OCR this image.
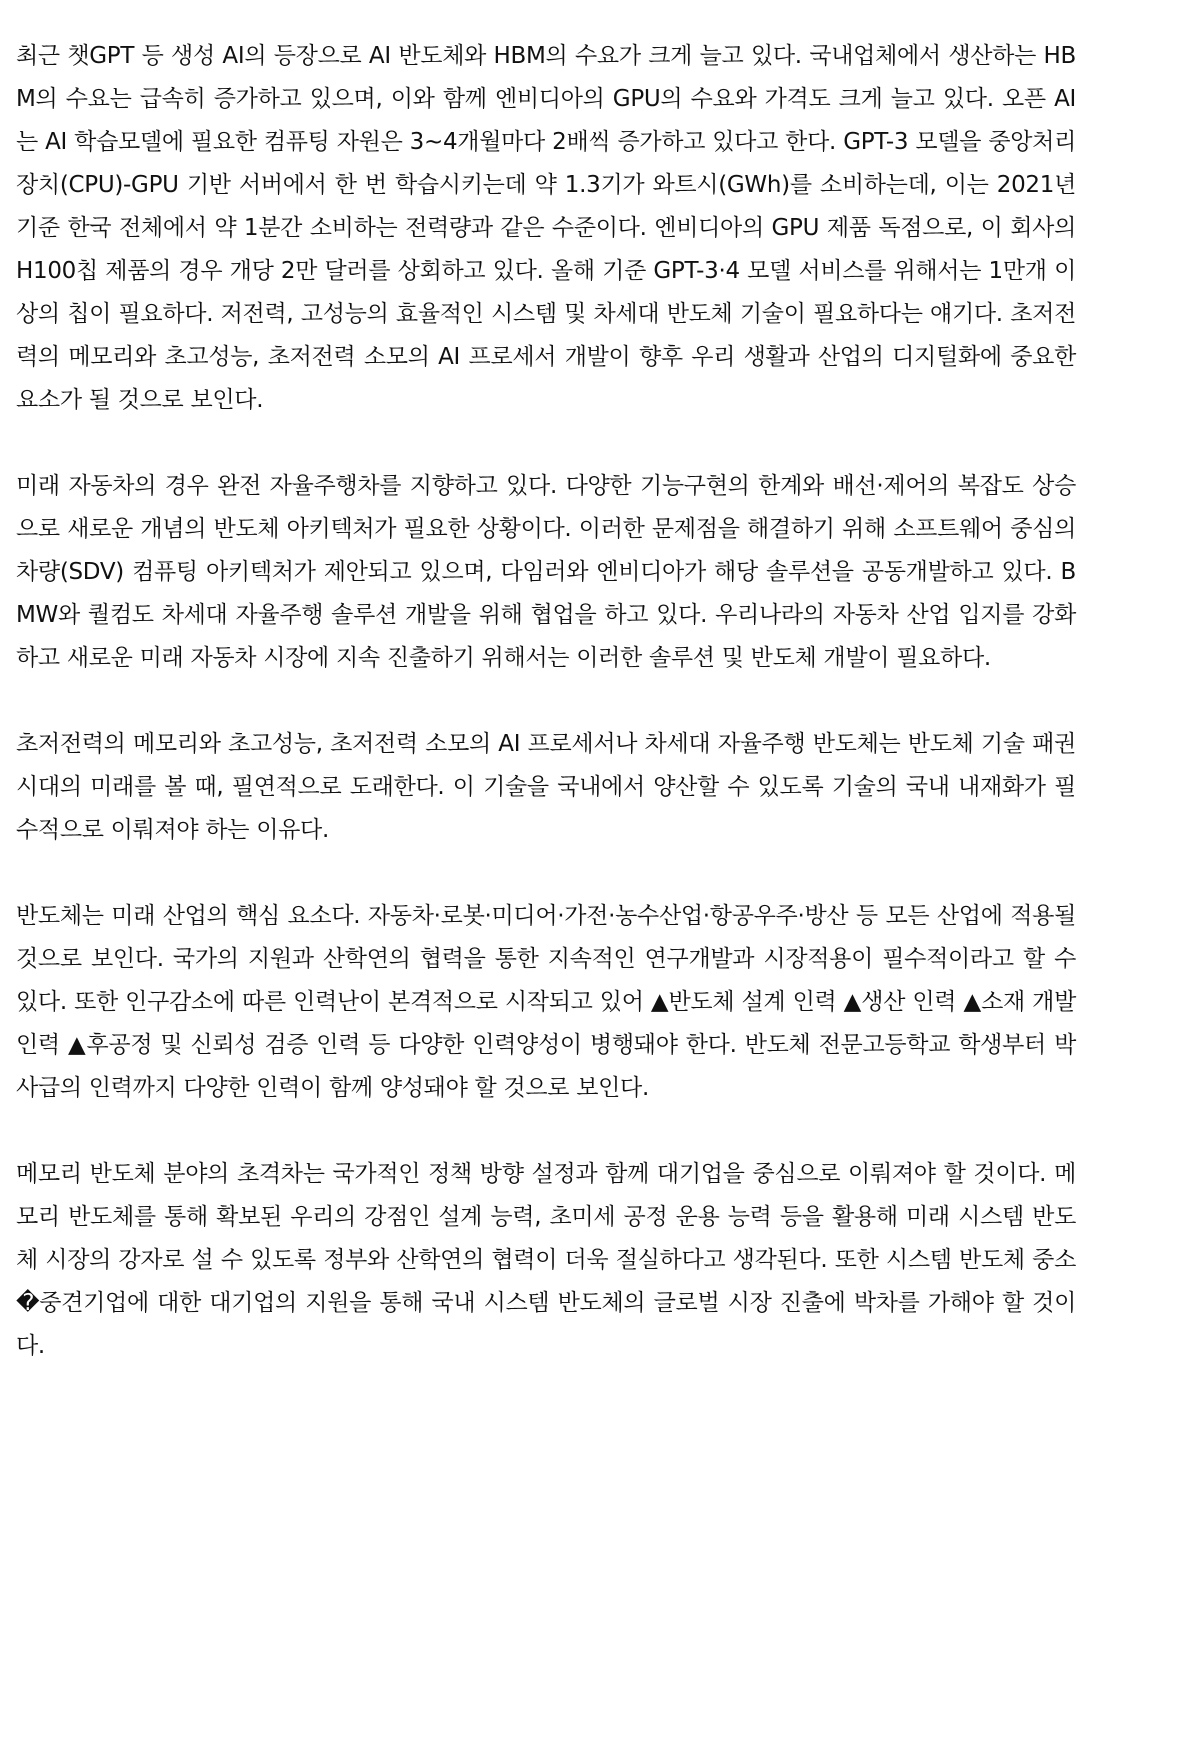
최근 챗GPT 등 생성 AI의 등장으로 AI 반도체와 HBM의 수요가 크게 늘고 있다. 국내업체에서 생산하는 HBM의 수요는 급속히 증가하고 있으며, 이와 함께 엔비디아의 GPU의 수요와 가격도 크게 늘고 있다. 오픈 AI는 AI 학습모델에 필요한 컴퓨팅 자원은 3~4개월마다 2배씩 증가하고 있다고 한다. GPT-3 모델을 중앙처리장치(CPU)-GPU 기반 서버에서 한 번 학습시키는데 약 1.3기가 와트시(GWh)를 소비하는데, 이는 2021년 기준 한국 전체에서 약 1분간 소비하는 전력량과 같은 수준이다. 엔비디아의 GPU 제품 독점으로, 이 회사의 H100칩 제품의 경우 개당 2만 달러를 상회하고 있다. 올해 기준 GPT-3·4 모델 서비스를 위해서는 1만개 이상의 칩이 필요하다. 저전력, 고성능의 효율적인 시스템 및 차세대 반도체 기술이 필요하다는 얘기다. 초저전력의 메모리와 초고성능, 초저전력 소모의 AI 프로세서 개발이 향후 우리 생활과 산업의 디지털화에 중요한 요소가 될 것으로 보인다.

미래 자동차의 경우 완전 자율주행차를 지향하고 있다. 다양한 기능구현의 한계와 배선·제어의 복잡도 상승으로 새로운 개념의 반도체 아키텍처가 필요한 상황이다. 이러한 문제점을 해결하기 위해 소프트웨어 중심의 차량(SDV) 컴퓨팅 아키텍처가 제안되고 있으며, 다임러와 엔비디아가 해당 솔루션을 공동개발하고 있다. BMW와 퀄컴도 차세대 자율주행 솔루션 개발을 위해 협업을 하고 있다. 우리나라의 자동차 산업 입지를 강화하고 새로운 미래 자동차 시장에 지속 진출하기 위해서는 이러한 솔루션 및 반도체 개발이 필요하다.

초저전력의 메모리와 초고성능, 초저전력 소모의 AI 프로세서나 차세대 자율주행 반도체는 반도체 기술 패권 시대의 미래를 볼 때, 필연적으로 도래한다. 이 기술을 국내에서 양산할 수 있도록 기술의 국내 내재화가 필수적으로 이뤄져야 하는 이유다.

반도체는 미래 산업의 핵심 요소다. 자동차·로봇·미디어·가전·농수산업·항공우주·방산 등 모든 산업에 적용될 것으로 보인다. 국가의 지원과 산학연의 협력을 통한 지속적인 연구개발과 시장적용이 필수적이라고 할 수 있다. 또한 인구감소에 따른 인력난이 본격적으로 시작되고 있어 ▲반도체 설계 인력 ▲생산 인력 ▲소재 개발 인력 ▲후공정 및 신뢰성 검증 인력 등 다양한 인력양성이 병행돼야 한다. 반도체 전문고등학교 학생부터 박사급의 인력까지 다양한 인력이 함께 양성돼야 할 것으로 보인다.

메모리 반도체 분야의 초격차는 국가적인 정책 방향 설정과 함께 대기업을 중심으로 이뤄져야 할 것이다. 메모리 반도체를 통해 확보된 우리의 강점인 설계 능력, 초미세 공정 운용 능력 등을 활용해 미래 시스템 반도체 시장의 강자로 설 수 있도록 정부와 산학연의 협력이 더욱 절실하다고 생각된다. 또한 시스템 반도체 중소�중견기업에 대한 대기업의 지원을 통해 국내 시스템 반도체의 글로벌 시장 진출에 박차를 가해야 할 것이다.
